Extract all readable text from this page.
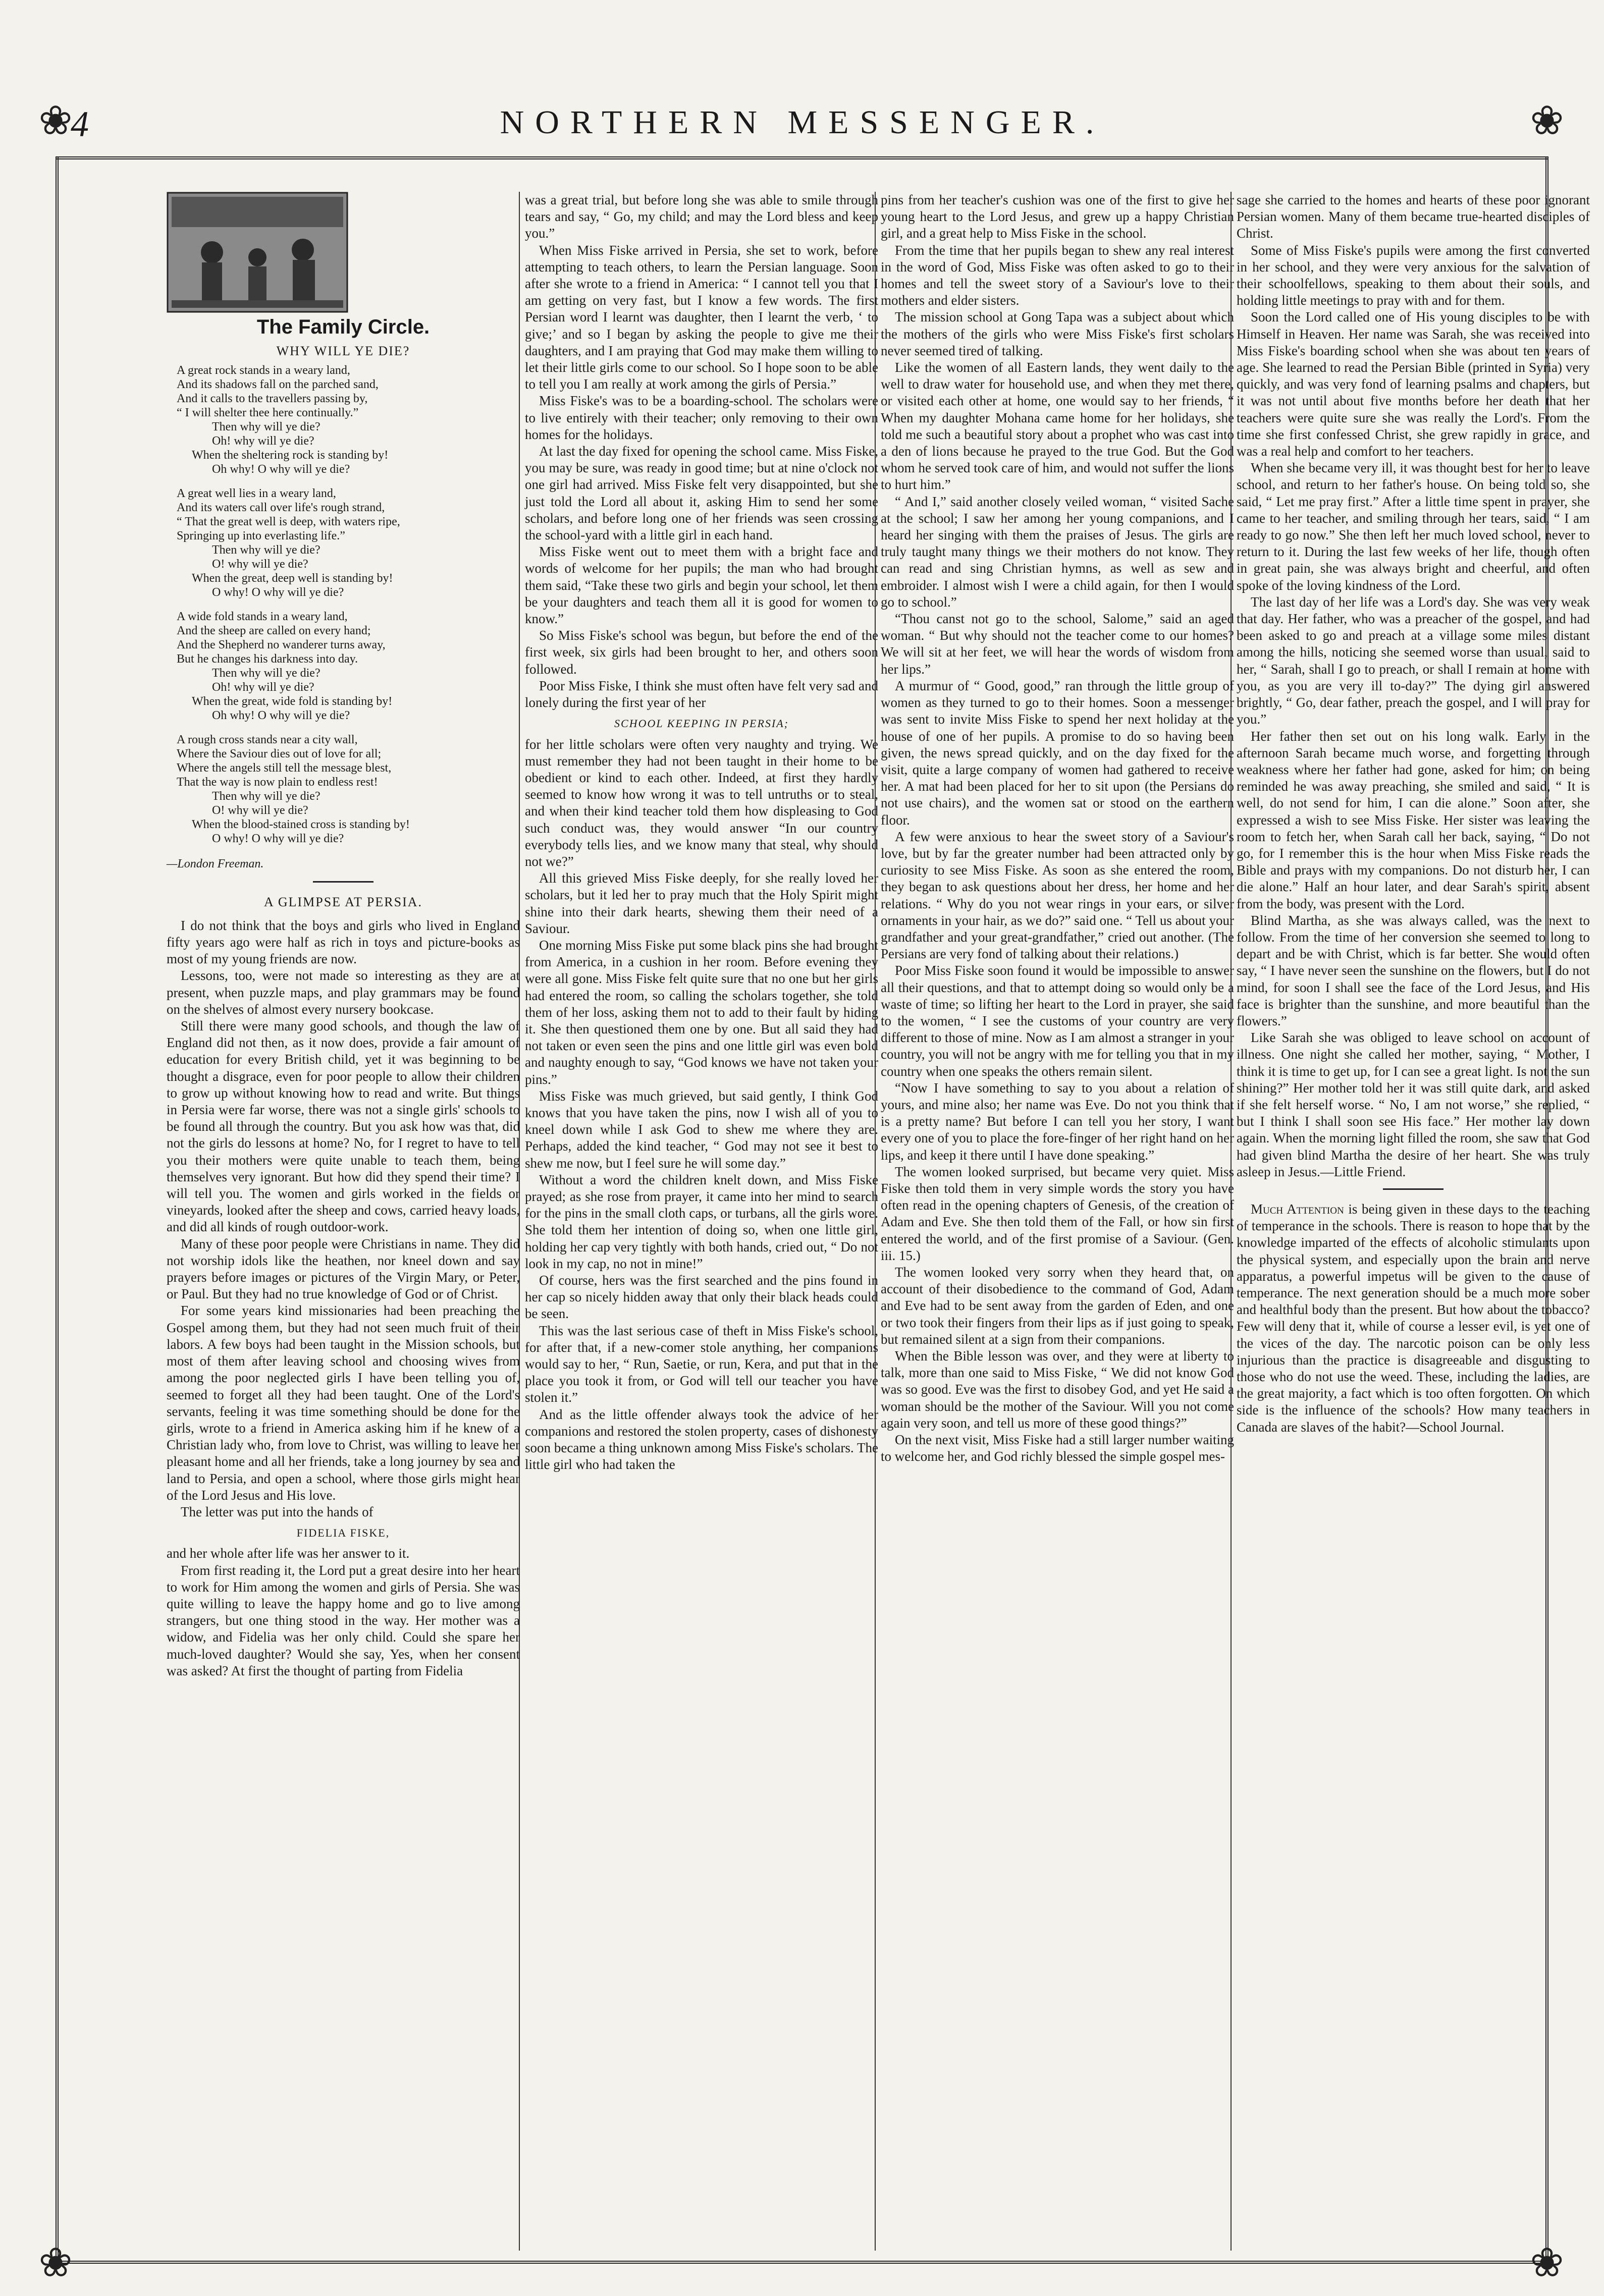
❀	❀
❀	❀
4	NORTHERN MESSENGER.
The Family Circle.
WHY WILL YE DIE?
A great rock stands in a weary land,
And its shadows fall on the parched sand,
And it calls to the travellers passing by,
“ I will shelter thee here continually.”
Then why will ye die?
Oh! why will ye die?
When the sheltering rock is standing by!
Oh why! O why will ye die?
A great well lies in a weary land,
And its waters call over life's rough strand,
“ That the great well is deep, with waters ripe,
Springing up into everlasting life.”
Then why will ye die?
O! why will ye die?
When the great, deep well is standing by!
O why! O why will ye die?
A wide fold stands in a weary land,
And the sheep are called on every hand;
And the Shepherd no wanderer turns away,
But he changes his darkness into day.
Then why will ye die?
Oh! why will ye die?
When the great, wide fold is standing by!
Oh why! O why will ye die?
A rough cross stands near a city wall,
Where the Saviour dies out of love for all;
Where the angels still tell the message blest,
That the way is now plain to endless rest!
Then why will ye die?
O! why will ye die?
When the blood-stained cross is standing by!
O why! O why will ye die?
—London Freeman.
A GLIMPSE AT PERSIA.

I do not think that the boys and girls who lived in England fifty years ago were half as rich in toys and picture-books as most of my young friends are now.

Lessons, too, were not made so interesting as they are at present, when puzzle maps, and play grammars may be found on the shelves of almost every nursery bookcase.

Still there were many good schools, and though the law of England did not then, as it now does, provide a fair amount of education for every British child, yet it was beginning to be thought a disgrace, even for poor people to allow their children to grow up without knowing how to read and write. But things in Persia were far worse, there was not a single girls' schools to be found all through the country. But you ask how was that, did not the girls do lessons at home? No, for I regret to have to tell you their mothers were quite unable to teach them, being themselves very ignorant. But how did they spend their time? I will tell you. The women and girls worked in the fields or vineyards, looked after the sheep and cows, carried heavy loads, and did all kinds of rough outdoor-work.

Many of these poor people were Christians in name. They did not worship idols like the heathen, nor kneel down and say prayers before images or pictures of the Virgin Mary, or Peter, or Paul. But they had no true knowledge of God or of Christ.

For some years kind missionaries had been preaching the Gospel among them, but they had not seen much fruit of their labors. A few boys had been taught in the Mission schools, but most of them after leaving school and choosing wives from among the poor neglected girls I have been telling you of, seemed to forget all they had been taught. One of the Lord's servants, feeling it was time something should be done for the girls, wrote to a friend in America asking him if he knew of a Christian lady who, from love to Christ, was willing to leave her pleasant home and all her friends, take a long journey by sea and land to Persia, and open a school, where those girls might hear of the Lord Jesus and His love.

The letter was put into the hands of

FIDELIA FISKE,

and her whole after life was her answer to it.

From first reading it, the Lord put a great desire into her heart to work for Him among the women and girls of Persia. She was quite willing to leave the happy home and go to live among strangers, but one thing stood in the way. Her mother was a widow, and Fidelia was her only child. Could she spare her much-loved daughter? Would she say, Yes, when her consent was asked? At first the thought of parting from Fidelia

was a great trial, but before long she was able to smile through tears and say, “ Go, my child; and may the Lord bless and keep you.”

When Miss Fiske arrived in Persia, she set to work, before attempting to teach others, to learn the Persian language. Soon after she wrote to a friend in America: “ I cannot tell you that I am getting on very fast, but I know a few words. The first Persian word I learnt was daughter, then I learnt the verb, ‘ to give;’ and so I began by asking the people to give me their daughters, and I am praying that God may make them willing to let their little girls come to our school. So I hope soon to be able to tell you I am really at work among the girls of Persia.”

Miss Fiske's was to be a boarding-school. The scholars were to live entirely with their teacher; only removing to their own homes for the holidays.

At last the day fixed for opening the school came. Miss Fiske, you may be sure, was ready in good time; but at nine o'clock not one girl had arrived. Miss Fiske felt very disappointed, but she just told the Lord all about it, asking Him to send her some scholars, and before long one of her friends was seen crossing the school-yard with a little girl in each hand.

Miss Fiske went out to meet them with a bright face and words of welcome for her pupils; the man who had brought them said, “Take these two girls and begin your school, let them be your daughters and teach them all it is good for women to know.”

So Miss Fiske's school was begun, but before the end of the first week, six girls had been brought to her, and others soon followed.

Poor Miss Fiske, I think she must often have felt very sad and lonely during the first year of her

SCHOOL KEEPING IN PERSIA;

for her little scholars were often very naughty and trying. We must remember they had not been taught in their home to be obedient or kind to each other. Indeed, at first they hardly seemed to know how wrong it was to tell untruths or to steal, and when their kind teacher told them how displeasing to God such conduct was, they would answer “In our country everybody tells lies, and we know many that steal, why should not we?”

All this grieved Miss Fiske deeply, for she really loved her scholars, but it led her to pray much that the Holy Spirit might shine into their dark hearts, shewing them their need of a Saviour.

One morning Miss Fiske put some black pins she had brought from America, in a cushion in her room. Before evening they were all gone. Miss Fiske felt quite sure that no one but her girls had entered the room, so calling the scholars together, she told them of her loss, asking them not to add to their fault by hiding it. She then questioned them one by one. But all said they had not taken or even seen the pins and one little girl was even bold and naughty enough to say, “God knows we have not taken your pins.”

Miss Fiske was much grieved, but said gently, I think God knows that you have taken the pins, now I wish all of you to kneel down while I ask God to shew me where they are. Perhaps, added the kind teacher, “ God may not see it best to shew me now, but I feel sure he will some day.”

Without a word the children knelt down, and Miss Fiske prayed; as she rose from prayer, it came into her mind to search for the pins in the small cloth caps, or turbans, all the girls wore. She told them her intention of doing so, when one little girl, holding her cap very tightly with both hands, cried out, “ Do not look in my cap, no not in mine!”

Of course, hers was the first searched and the pins found in her cap so nicely hidden away that only their black heads could be seen.

This was the last serious case of theft in Miss Fiske's school, for after that, if a new-comer stole anything, her companions would say to her, “ Run, Saetie, or run, Kera, and put that in the place you took it from, or God will tell our teacher you have stolen it.”

And as the little offender always took the advice of her companions and restored the stolen property, cases of dishonesty soon became a thing unknown among Miss Fiske's scholars. The little girl who had taken the

pins from her teacher's cushion was one of the first to give her young heart to the Lord Jesus, and grew up a happy Christian girl, and a great help to Miss Fiske in the school.

From the time that her pupils began to shew any real interest in the word of God, Miss Fiske was often asked to go to their homes and tell the sweet story of a Saviour's love to their mothers and elder sisters.

The mission school at Gong Tapa was a subject about which the mothers of the girls who were Miss Fiske's first scholars never seemed tired of talking.

Like the women of all Eastern lands, they went daily to the well to draw water for household use, and when they met there, or visited each other at home, one would say to her friends, “ When my daughter Mohana came home for her holidays, she told me such a beautiful story about a prophet who was cast into a den of lions because he prayed to the true God. But the God whom he served took care of him, and would not suffer the lions to hurt him.”

“ And I,” said another closely veiled woman, “ visited Sache at the school; I saw her among her young companions, and I heard her singing with them the praises of Jesus. The girls are truly taught many things we their mothers do not know. They can read and sing Christian hymns, as well as sew and embroider. I almost wish I were a child again, for then I would go to school.”

“Thou canst not go to the school, Salome,” said an aged woman. “ But why should not the teacher come to our homes? We will sit at her feet, we will hear the words of wisdom from her lips.”

A murmur of “ Good, good,” ran through the little group of women as they turned to go to their homes. Soon a messenger was sent to invite Miss Fiske to spend her next holiday at the house of one of her pupils. A promise to do so having been given, the news spread quickly, and on the day fixed for the visit, quite a large company of women had gathered to receive her. A mat had been placed for her to sit upon (the Persians do not use chairs), and the women sat or stood on the earthern floor.

A few were anxious to hear the sweet story of a Saviour's love, but by far the greater number had been attracted only by curiosity to see Miss Fiske. As soon as she entered the room, they began to ask questions about her dress, her home and her relations. “ Why do you not wear rings in your ears, or silver ornaments in your hair, as we do?” said one. “ Tell us about your grandfather and your great-grandfather,” cried out another. (The Persians are very fond of talking about their relations.)

Poor Miss Fiske soon found it would be impossible to answer all their questions, and that to attempt doing so would only be a waste of time; so lifting her heart to the Lord in prayer, she said to the women, “ I see the customs of your country are very different to those of mine. Now as I am almost a stranger in your country, you will not be angry with me for telling you that in my country when one speaks the others remain silent.

“Now I have something to say to you about a relation of yours, and mine also; her name was Eve. Do not you think that is a pretty name? But before I can tell you her story, I want every one of you to place the fore-finger of her right hand on her lips, and keep it there until I have done speaking.”

The women looked surprised, but became very quiet. Miss Fiske then told them in very simple words the story you have often read in the opening chapters of Genesis, of the creation of Adam and Eve. She then told them of the Fall, or how sin first entered the world, and of the first promise of a Saviour. (Gen. iii. 15.)

The women looked very sorry when they heard that, on account of their disobedience to the command of God, Adam and Eve had to be sent away from the garden of Eden, and one or two took their fingers from their lips as if just going to speak, but remained silent at a sign from their companions.

When the Bible lesson was over, and they were at liberty to talk, more than one said to Miss Fiske, “ We did not know God was so good. Eve was the first to disobey God, and yet He said a woman should be the mother of the Saviour. Will you not come again very soon, and tell us more of these good things?”

On the next visit, Miss Fiske had a still larger number waiting to welcome her, and God richly blessed the simple gospel mes-

sage she carried to the homes and hearts of these poor ignorant Persian women. Many of them became true-hearted disciples of Christ.

Some of Miss Fiske's pupils were among the first converted in her school, and they were very anxious for the salvation of their schoolfellows, speaking to them about their souls, and holding little meetings to pray with and for them.

Soon the Lord called one of His young disciples to be with Himself in Heaven. Her name was Sarah, she was received into Miss Fiske's boarding school when she was about ten years of age. She learned to read the Persian Bible (printed in Syria) very quickly, and was very fond of learning psalms and chapters, but it was not until about five months before her death that her teachers were quite sure she was really the Lord's. From the time she first confessed Christ, she grew rapidly in grace, and was a real help and comfort to her teachers.

When she became very ill, it was thought best for her to leave school, and return to her father's house. On being told so, she said, “ Let me pray first.” After a little time spent in prayer, she came to her teacher, and smiling through her tears, said, “ I am ready to go now.” She then left her much loved school, never to return to it. During the last few weeks of her life, though often in great pain, she was always bright and cheerful, and often spoke of the loving kindness of the Lord.

The last day of her life was a Lord's day. She was very weak that day. Her father, who was a preacher of the gospel, and had been asked to go and preach at a village some miles distant among the hills, noticing she seemed worse than usual, said to her, “ Sarah, shall I go to preach, or shall I remain at home with you, as you are very ill to-day?” The dying girl answered brightly, “ Go, dear father, preach the gospel, and I will pray for you.”

Her father then set out on his long walk. Early in the afternoon Sarah became much worse, and forgetting through weakness where her father had gone, asked for him; on being reminded he was away preaching, she smiled and said, “ It is well, do not send for him, I can die alone.” Soon after, she expressed a wish to see Miss Fiske. Her sister was leaving the room to fetch her, when Sarah call her back, saying, “ Do not go, for I remember this is the hour when Miss Fiske reads the Bible and prays with my companions. Do not disturb her, I can die alone.” Half an hour later, and dear Sarah's spirit, absent from the body, was present with the Lord.

Blind Martha, as she was always called, was the next to follow. From the time of her conversion she seemed to long to depart and be with Christ, which is far better. She would often say, “ I have never seen the sunshine on the flowers, but I do not mind, for soon I shall see the face of the Lord Jesus, and His face is brighter than the sunshine, and more beautiful than the flowers.”

Like Sarah she was obliged to leave school on account of illness. One night she called her mother, saying, “ Mother, I think it is time to get up, for I can see a great light. Is not the sun shining?” Her mother told her it was still quite dark, and asked if she felt herself worse. “ No, I am not worse,” she replied, “ but I think I shall soon see His face.” Her mother lay down again. When the morning light filled the room, she saw that God had given blind Martha the desire of her heart. She was truly asleep in Jesus.—Little Friend.

Much Attention is being given in these days to the teaching of temperance in the schools. There is reason to hope that by the knowledge imparted of the effects of alcoholic stimulants upon the physical system, and especially upon the brain and nerve apparatus, a powerful impetus will be given to the cause of temperance. The next generation should be a much more sober and healthful body than the present. But how about the tobacco? Few will deny that it, while of course a lesser evil, is yet one of the vices of the day. The narcotic poison can be only less injurious than the practice is disagreeable and disgusting to those who do not use the weed. These, including the ladies, are the great majority, a fact which is too often forgotten. On which side is the influence of the schools? How many teachers in Canada are slaves of the habit?—School Journal.
